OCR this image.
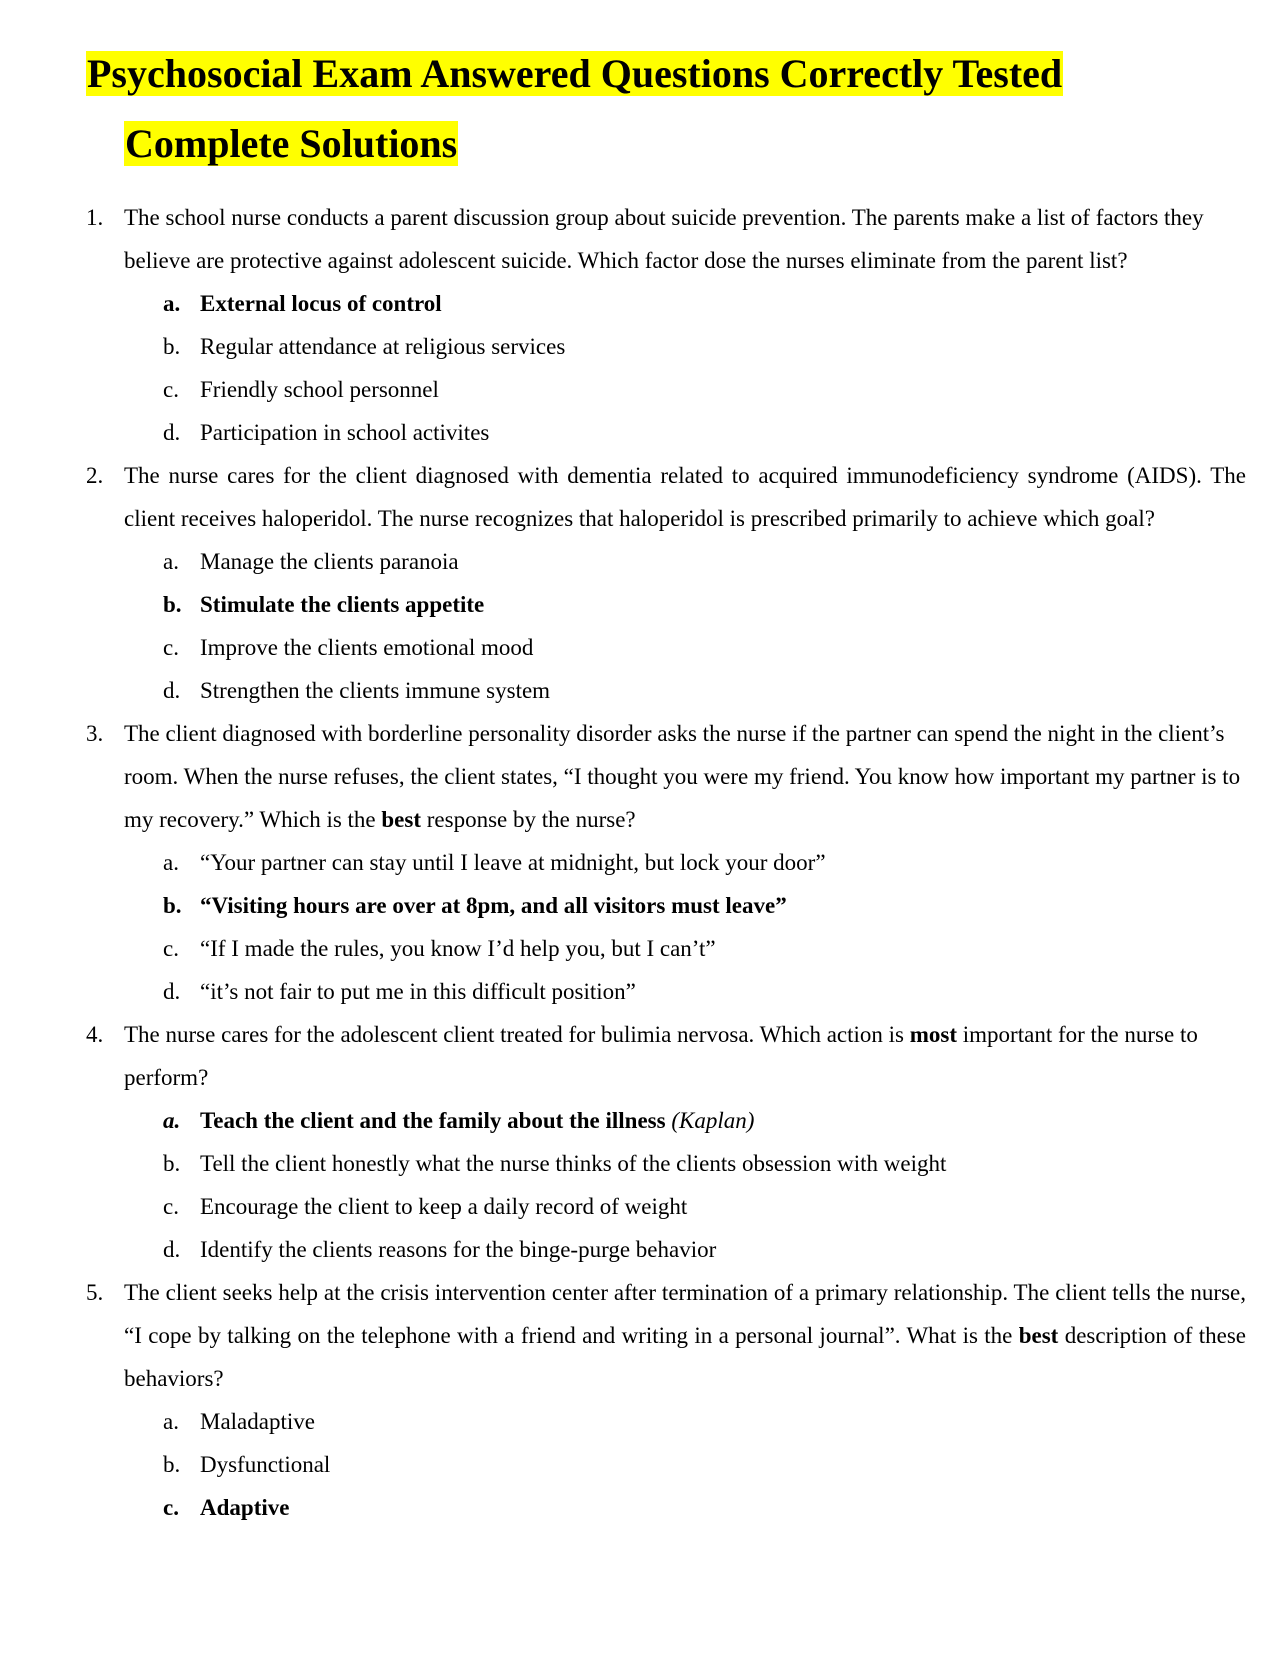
Psychosocial Exam Answered Questions Correctly Tested
Complete Solutions
1. The school nurse conducts a parent discussion group about suicide prevention. The parents make a list of factors they believe are protective against adolescent suicide. Which factor dose the nurses eliminate from the parent list?
a. External locus of control
b. Regular attendance at religious services
c. Friendly school personnel
d. Participation in school activites
2. The nurse cares for the client diagnosed with dementia related to acquired immunodeficiency syndrome (AIDS). The client receives haloperidol. The nurse recognizes that haloperidol is prescribed primarily to achieve which goal?
a. Manage the clients paranoia
b. Stimulate the clients appetite
c. Improve the clients emotional mood
d. Strengthen the clients immune system
3. The client diagnosed with borderline personality disorder asks the nurse if the partner can spend the night in the client’s room. When the nurse refuses, the client states, “I thought you were my friend. You know how important my partner is to my recovery.” Which is the best response by the nurse?
a. “Your partner can stay until I leave at midnight, but lock your door”
b. “Visiting hours are over at 8pm, and all visitors must leave”
c. “If I made the rules, you know I’d help you, but I can’t”
d. “it’s not fair to put me in this difficult position”
4. The nurse cares for the adolescent client treated for bulimia nervosa. Which action is most important for the nurse to perform?
a. Teach the client and the family about the illness (Kaplan)
b. Tell the client honestly what the nurse thinks of the clients obsession with weight
c. Encourage the client to keep a daily record of weight
d. Identify the clients reasons for the binge-purge behavior
5. The client seeks help at the crisis intervention center after termination of a primary relationship. The client tells the nurse, “I cope by talking on the telephone with a friend and writing in a personal journal”. What is the best description of these behaviors?
a. Maladaptive
b. Dysfunctional
c. Adaptive
